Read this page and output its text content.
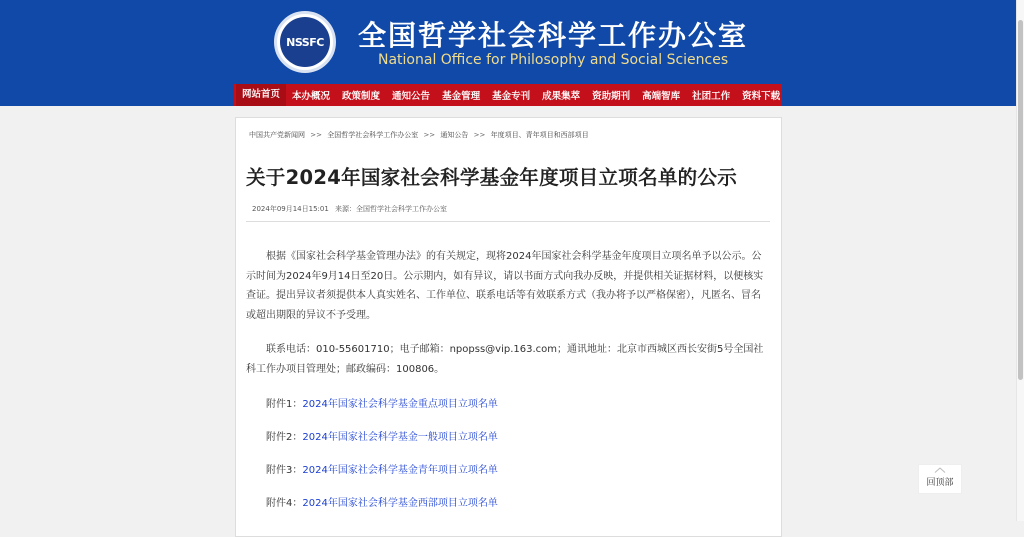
NSSFC 全国哲学社会科学工作办公室
National Office for Philosophy and Social Sciences
网站首页	本办概况	政策制度	通知公告	基金管理	基金专刊	成果集萃	资助期刊	高端智库	社团工作	资料下载
中国共产党新闻网 >> 全国哲学社会科学工作办公室 >> 通知公告 >> 年度项目、青年项目和西部项目
关于2024年国家社会科学基金年度项目立项名单的公示
2024年09月14日15:01 来源：全国哲学社会科学工作办公室
根据《国家社会科学基金管理办法》的有关规定，现将2024年国家社会科学基金年度项目立项名单予以公示。公示时间为2024年9月14日至20日。公示期内，如有异议，请以书面方式向我办反映，并提供相关证据材料，以便核实查证。提出异议者须提供本人真实姓名、工作单位、联系电话等有效联系方式（我办将予以严格保密），凡匿名、冒名或超出期限的异议不予受理。
联系电话：010-55601710；电子邮箱：npopss@vip.163.com；通讯地址：北京市西城区西长安街5号全国社科工作办项目管理处；邮政编码：100806。
附件1：2024年国家社会科学基金重点项目立项名单
附件2：2024年国家社会科学基金一般项目立项名单
附件3：2024年国家社会科学基金青年项目立项名单
附件4：2024年国家社会科学基金西部项目立项名单
回顶部
